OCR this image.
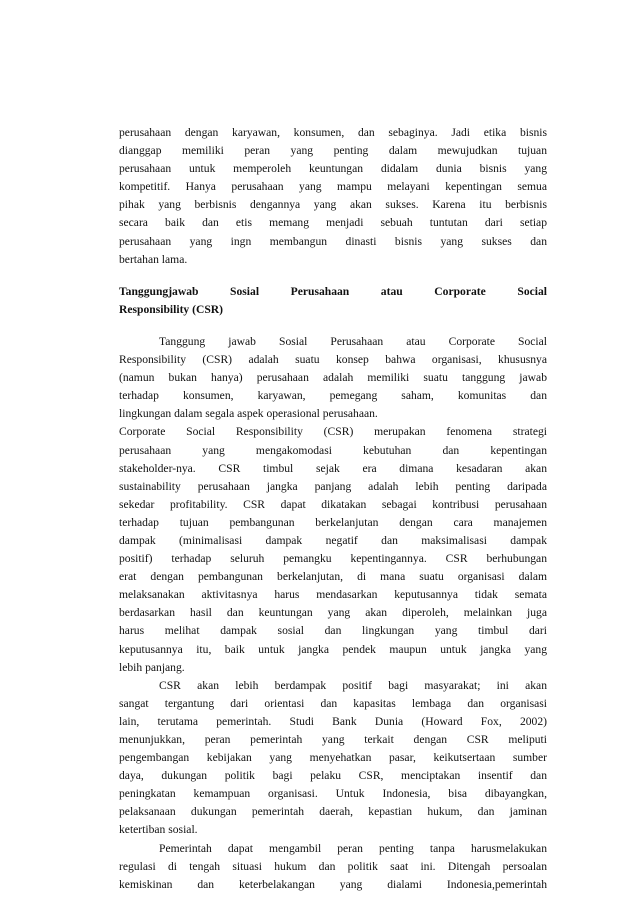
perusahaan dengan karyawan, konsumen, dan sebaginya. Jadi etika bisnis
dianggap memiliki peran yang penting dalam mewujudkan tujuan
perusahaan untuk memperoleh keuntungan didalam dunia bisnis yang
kompetitif. Hanya perusahaan yang mampu melayani kepentingan semua
pihak yang berbisnis dengannya yang akan sukses. Karena itu berbisnis
secara baik dan etis memang menjadi sebuah tuntutan dari setiap
perusahaan yang ingn membangun dinasti bisnis yang sukses dan
bertahan lama.
Tanggungjawab Sosial Perusahaan atau Corporate Social
Responsibility (CSR)
Tanggung jawab Sosial Perusahaan atau Corporate Social
Responsibility (CSR) adalah suatu konsep bahwa organisasi, khususnya
(namun bukan hanya) perusahaan adalah memiliki suatu tanggung jawab
terhadap konsumen, karyawan, pemegang saham, komunitas dan
lingkungan dalam segala aspek operasional perusahaan.
Corporate Social Responsibility (CSR) merupakan fenomena strategi
perusahaan yang mengakomodasi kebutuhan dan kepentingan
stakeholder-nya. CSR timbul sejak era dimana kesadaran akan
sustainability perusahaan jangka panjang adalah lebih penting daripada
sekedar profitability. CSR dapat dikatakan sebagai kontribusi perusahaan
terhadap tujuan pembangunan berkelanjutan dengan cara manajemen
dampak (minimalisasi dampak negatif dan maksimalisasi dampak
positif) terhadap seluruh pemangku kepentingannya. CSR berhubungan
erat dengan pembangunan berkelanjutan, di mana suatu organisasi dalam
melaksanakan aktivitasnya harus mendasarkan keputusannya tidak semata
berdasarkan hasil dan keuntungan yang akan diperoleh, melainkan juga
harus melihat dampak sosial dan lingkungan yang timbul dari
keputusannya itu, baik untuk jangka pendek maupun untuk jangka yang
lebih panjang.
CSR akan lebih berdampak positif bagi masyarakat; ini akan
sangat tergantung dari orientasi dan kapasitas lembaga dan organisasi
lain, terutama pemerintah. Studi Bank Dunia (Howard Fox, 2002)
menunjukkan, peran pemerintah yang terkait dengan CSR meliputi
pengembangan kebijakan yang menyehatkan pasar, keikutsertaan sumber
daya, dukungan politik bagi pelaku CSR, menciptakan insentif dan
peningkatan kemampuan organisasi. Untuk Indonesia, bisa dibayangkan,
pelaksanaan dukungan pemerintah daerah, kepastian hukum, dan jaminan
ketertiban sosial.
Pemerintah dapat mengambil peran penting tanpa harusmelakukan
regulasi di tengah situasi hukum dan politik saat ini. Ditengah persoalan
kemiskinan dan keterbelakangan yang dialami Indonesia,pemerintah
